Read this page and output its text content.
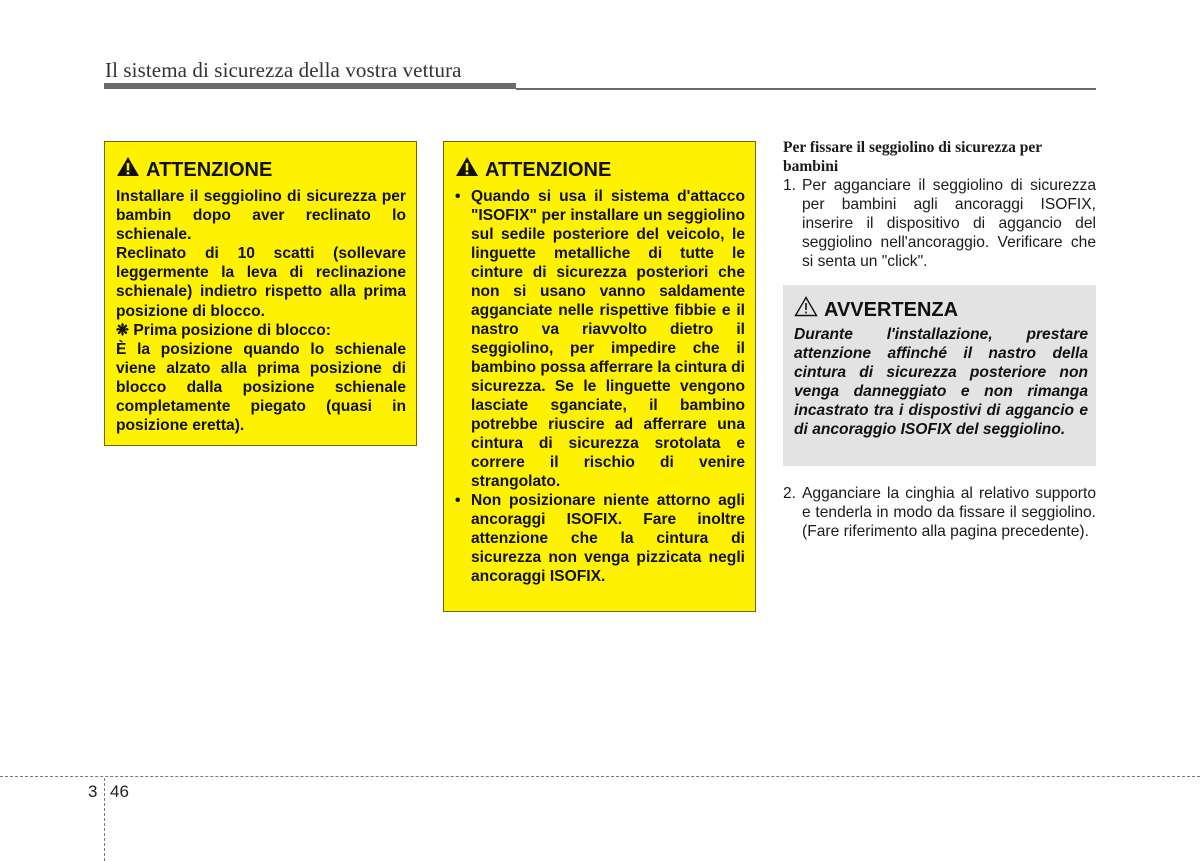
Il sistema di sicurezza della vostra vettura
ATTENZIONE

Installare il seggiolino di sicurezza per bambin dopo aver reclinato lo schienale.

Reclinato di 10 scatti (sollevare leggermente la leva di reclinazione schienale) indietro rispetto alla prima posizione di blocco.

❋ Prima posizione di blocco:

È la posizione quando lo schienale viene alzato alla prima posizione di blocco dalla posizione schienale completamente piegato (quasi in posizione eretta).

ATTENZIONE
• Quando si usa il sistema d'attacco "ISOFIX" per installare un seggiolino sul sedile posteriore del veicolo, le linguette metalliche di tutte le cinture di sicurezza posteriori che non si usano vanno saldamente agganciate nelle rispettive fibbie e il nastro va riavvolto dietro il seggiolino, per impedire che il bambino possa afferrare la cintura di sicurezza. Se le linguette vengono lasciate sganciate, il bambino potrebbe riuscire ad afferrare una cintura di sicurezza srotolata e correre il rischio di venire strangolato.
• Non posizionare niente attorno agli ancoraggi ISOFIX. Fare inoltre attenzione che la cintura di sicurezza non venga pizzicata negli ancoraggi ISOFIX.

Per fissare il seggiolino di sicurezza per bambini

1. Per agganciare il seggiolino di sicurezza per bambini agli ancoraggi ISOFIX, inserire il dispositivo di aggancio del seggiolino nell'ancoraggio. Verificare che si senta un "click".
AVVERTENZA

Durante l'installazione, prestare attenzione affinché il nastro della cintura di sicurezza posteriore non venga danneggiato e non rimanga incastrato tra i dispostivi di aggancio e di ancoraggio ISOFIX del seggiolino.

2. Agganciare la cinghia al relativo supporto e tenderla in modo da fissare il seggiolino. (Fare riferimento alla pagina precedente).
3 46
